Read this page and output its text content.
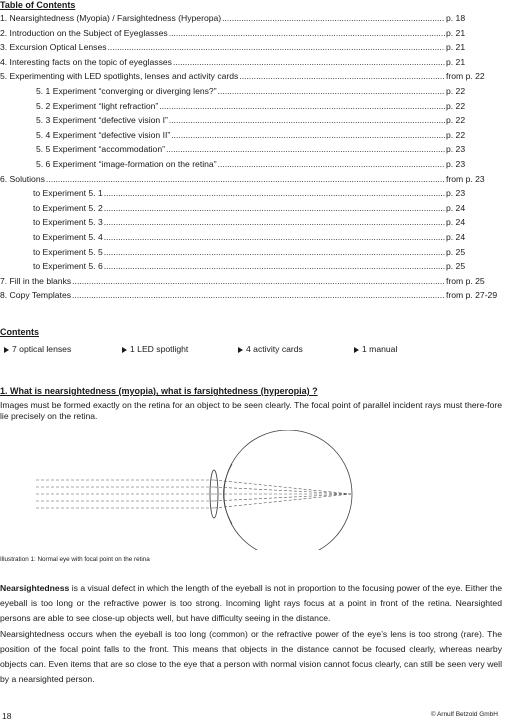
Table of Contents
1. Nearsightedness (Myopia) / Farsightedness (Hyperopa) .....	p. 18
2. Introduction on the Subject of Eyeglasses .....	p. 21
3. Excursion Optical Lenses .....	p. 21
4. Interesting facts on the topic of eyeglasses .....	p. 21
5. Experimenting with LED spotlights, lenses and activity cards .....	from p. 22
5. 1 Experiment “converging or diverging lens?” .....	p. 22
5. 2 Experiment “light refraction” .....	p. 22
5. 3 Experiment “defective vision I” .....	p. 22
5. 4 Experiment “defective vision II” .....	p. 22
5. 5 Experiment “accommodation” .....	p. 23
5. 6 Experiment “image-formation on the retina” .....	p. 23
6. Solutions .....	from p. 23
to Experiment 5. 1 .....	p. 23
to Experiment 5. 2 .....	p. 24
to Experiment 5. 3 .....	p. 24
to Experiment 5. 4 .....	p. 24
to Experiment 5. 5 .....	p. 25
to Experiment 5. 6 .....	p. 25
7. Fill in the blanks .....	from p. 25
8. Copy Templates .....	from p. 27-29
Contents
7 optical lenses	1 LED spotlight	4 activity cards	1 manual
1. What is nearsightedness (myopia), what is farsightedness (hyperopia) ?
Images must be formed exactly on the retina for an object to be seen clearly. The focal point of parallel incident rays must there-fore lie precisely on the retina.
Illustration 1: Normal eye with focal point on the retina
Nearsightedness is a visual defect in which the length of the eyeball is not in proportion to the focusing power of the eye. Either the eyeball is too long or the refractive power is too strong. Incoming light rays focus at a point in front of the retina. Nearsighted persons are able to see close-up objects well, but have difficulty seeing in the distance.
Nearsightedness occurs when the eyeball is too long (common) or the refractive power of the eye’s lens is too strong (rare). The position of the focal point falls to the front. This means that objects in the distance cannot be focused clearly, whereas nearby objects can. Even items that are so close to the eye that a person with normal vision cannot focus clearly, can still be seen very well by a nearsighted person.
18	© Arnulf Betzold GmbH
